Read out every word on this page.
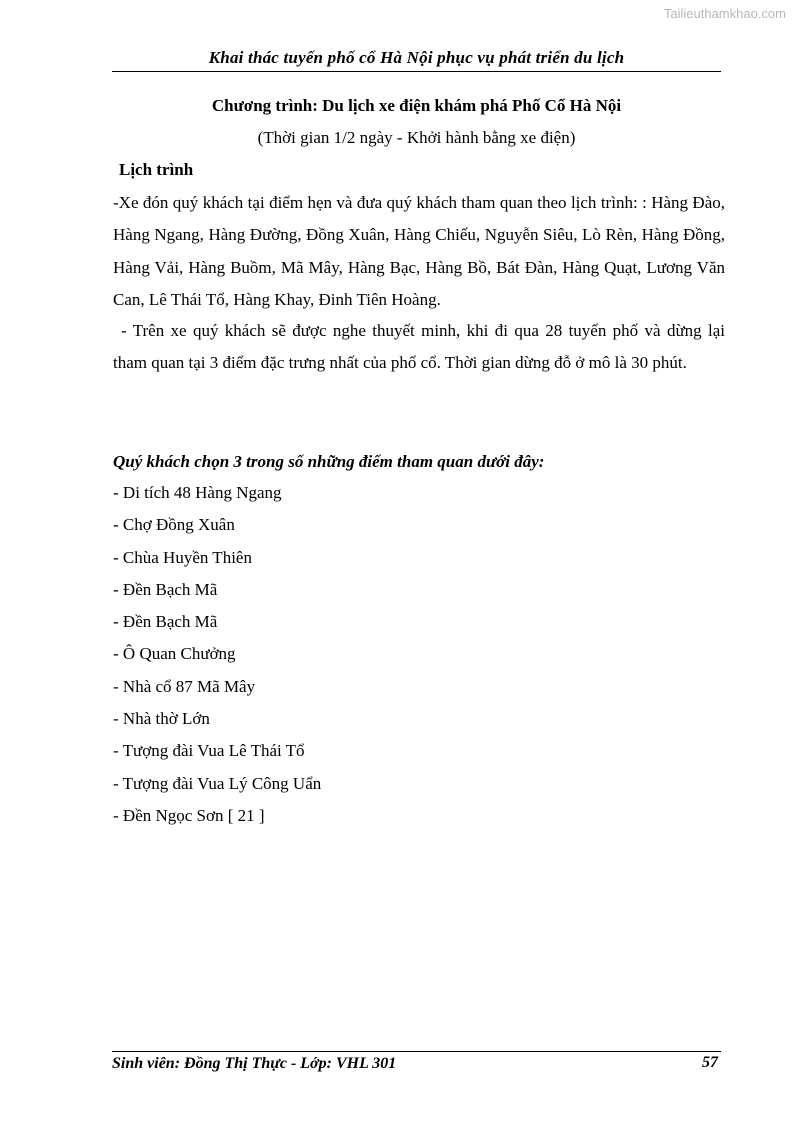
Tailieuthamkhao.com
Khai thác tuyến phố cổ Hà Nội phục vụ phát triển du lịch
Chương trình: Du lịch xe điện khám phá Phố Cổ Hà Nội
(Thời gian 1/2 ngày - Khởi hành bằng xe điện)
Lịch trình
-Xe đón quý khách tại điểm hẹn và đưa quý khách tham quan theo lịch trình: : Hàng Đào, Hàng Ngang, Hàng Đường, Đồng Xuân, Hàng Chiếu, Nguyễn Siêu, Lò Rèn, Hàng Đồng, Hàng Vải, Hàng Buồm, Mã Mây, Hàng Bạc, Hàng Bồ, Bát Đàn, Hàng Quạt, Lương Văn Can, Lê Thái Tổ, Hàng Khay, Đinh Tiên Hoàng.
- Trên xe quý khách sẽ được nghe thuyết minh, khi đi qua 28 tuyến phố và dừng lại tham quan tại 3 điểm đặc trưng nhất của phố cổ. Thời gian dừng đỗ ở mô là 30 phút.
Quý khách chọn 3 trong số những điểm tham quan dưới đây:
- Di tích 48 Hàng Ngang
- Chợ Đồng Xuân
- Chùa Huyền Thiên
- Đền Bạch Mã
- Đền Bạch Mã
- Ô Quan Chưởng
- Nhà cổ 87 Mã Mây
- Nhà thờ Lớn
- Tượng đài Vua Lê Thái Tổ
- Tượng đài Vua Lý Công Uẩn
- Đền Ngọc Sơn [ 21 ]
Sinh viên: Đồng Thị Thực - Lớp: VHL 301	57
